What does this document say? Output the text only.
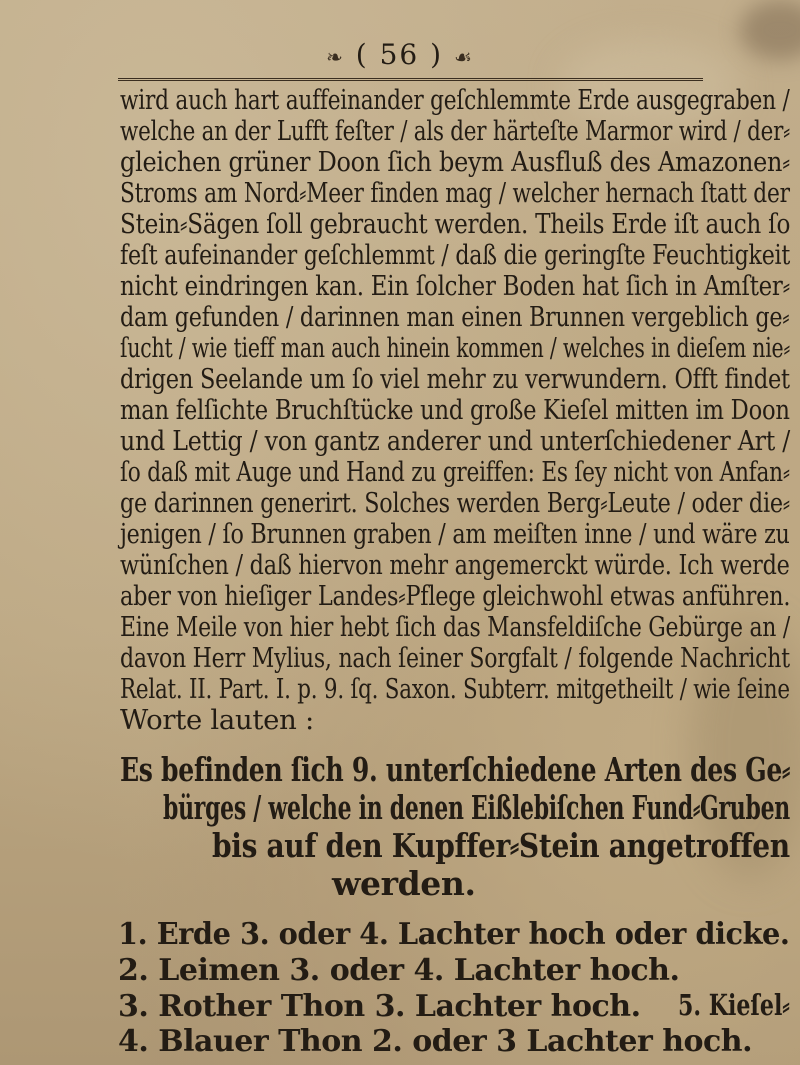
❧ ( 56 ) ☙
wird auch hart auffeinander geſchlemmte Erde ausgegraben /
welche an der Lufft feſter / als der härteſte Marmor wird / der⸗
gleichen grüner Doon ſich beym Ausfluß des Amazonen⸗
Stroms am Nord⸗Meer finden mag / welcher hernach ſtatt der
Stein⸗Sägen ſoll gebraucht werden. Theils Erde iſt auch ſo
feſt aufeinander geſchlemmt / daß die geringſte Feuchtigkeit
nicht eindringen kan. Ein ſolcher Boden hat ſich in Amſter⸗
dam gefunden / darinnen man einen Brunnen vergeblich ge⸗
ſucht / wie tieff man auch hinein kommen / welches in dieſem nie⸗
drigen Seelande um ſo viel mehr zu verwundern. Offt findet
man felſichte Bruchſtücke und große Kieſel mitten im Doon
und Lettig / von gantz anderer und unterſchiedener Art /
ſo daß mit Auge und Hand zu greiffen: Es ſey nicht von Anfan⸗
ge darinnen generirt. Solches werden Berg⸗Leute / oder die⸗
jenigen / ſo Brunnen graben / am meiſten inne / und wäre zu
wünſchen / daß hiervon mehr angemerckt würde. Ich werde
aber von hieſiger Landes⸗Pflege gleichwohl etwas anführen.
Eine Meile von hier hebt ſich das Mansfeldiſche Gebürge an /
davon Herr Mylius, nach ſeiner Sorgfalt / folgende Nachricht
Relat. II. Part. I. p. 9. ſq. Saxon. Subterr. mitgetheilt / wie ſeine
Worte lauten :
Es befinden ſich 9. unterſchiedene Arten des Ge⸗
bürges / welche in denen Eißlebiſchen Fund⸗Gruben
bis auf den Kupffer⸗Stein angetroffen
werden.
1. Erde 3. oder 4. Lachter hoch oder dicke.
2. Leimen 3. oder 4. Lachter hoch.
3. Rother Thon 3. Lachter hoch.
4. Blauer Thon 2. oder 3 Lachter hoch.
5. Kieſel⸗
